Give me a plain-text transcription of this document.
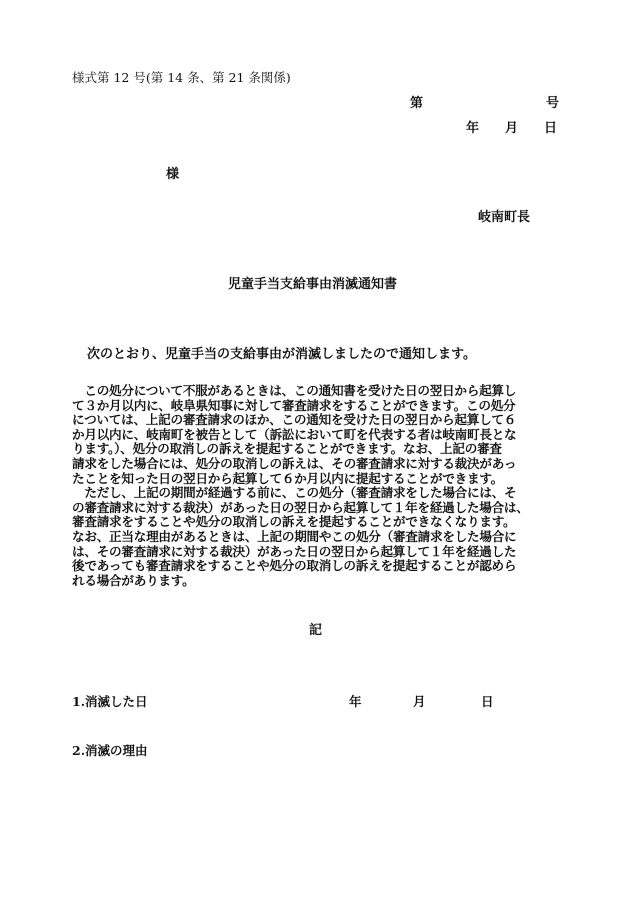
様式第 12 号(第 14 条、第 21 条関係)
第	号
年 月 日
様
岐南町長
児童手当支給事由消滅通知書
次のとおり、児童手当の支給事由が消滅しましたので通知します。
　この処分について不服があるときは、この通知書を受けた日の翌日から起算し
て３か月以内に、岐阜県知事に対して審査請求をすることができます。この処分
については、上記の審査請求のほか、この通知を受けた日の翌日から起算して６
か月以内に、岐南町を被告として（訴訟において町を代表する者は岐南町長とな
ります。）、処分の取消しの訴えを提起することができます。なお、上記の審査
請求をした場合には、処分の取消しの訴えは、その審査請求に対する裁決があっ
たことを知った日の翌日から起算して６か月以内に提起することができます。
　ただし、上記の期間が経過する前に、この処分（審査請求をした場合には、そ
の審査請求に対する裁決）があった日の翌日から起算して１年を経過した場合は、
審査請求をすることや処分の取消しの訴えを提起することができなくなります。
なお、正当な理由があるときは、上記の期間やこの処分（審査請求をした場合に
は、その審査請求に対する裁決）があった日の翌日から起算して１年を経過した
後であっても審査請求をすることや処分の取消しの訴えを提起することが認めら
れる場合があります。
記
1.消滅した日	年	月	日
2.消滅の理由
